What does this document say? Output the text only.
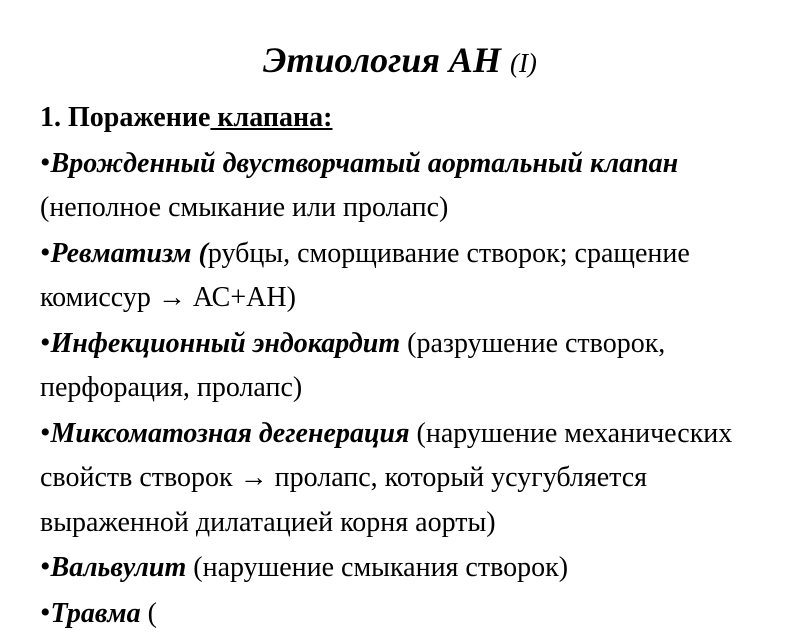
Этиология АН (I)
1. Поражение клапана:
•Врожденный двустворчатый аортальный клапан (неполное смыкание или пролапс)
•Ревматизм (рубцы, сморщивание створок; сращение комиссур → АС+АН)
•Инфекционный эндокардит (разрушение створок, перфорация, пролапс)
•Миксоматозная дегенерация (нарушение механических свойств створок → пролапс, который усугубляется выраженной дилатацией корня аорты)
•Вальвулит (нарушение смыкания створок)
•Травма (
